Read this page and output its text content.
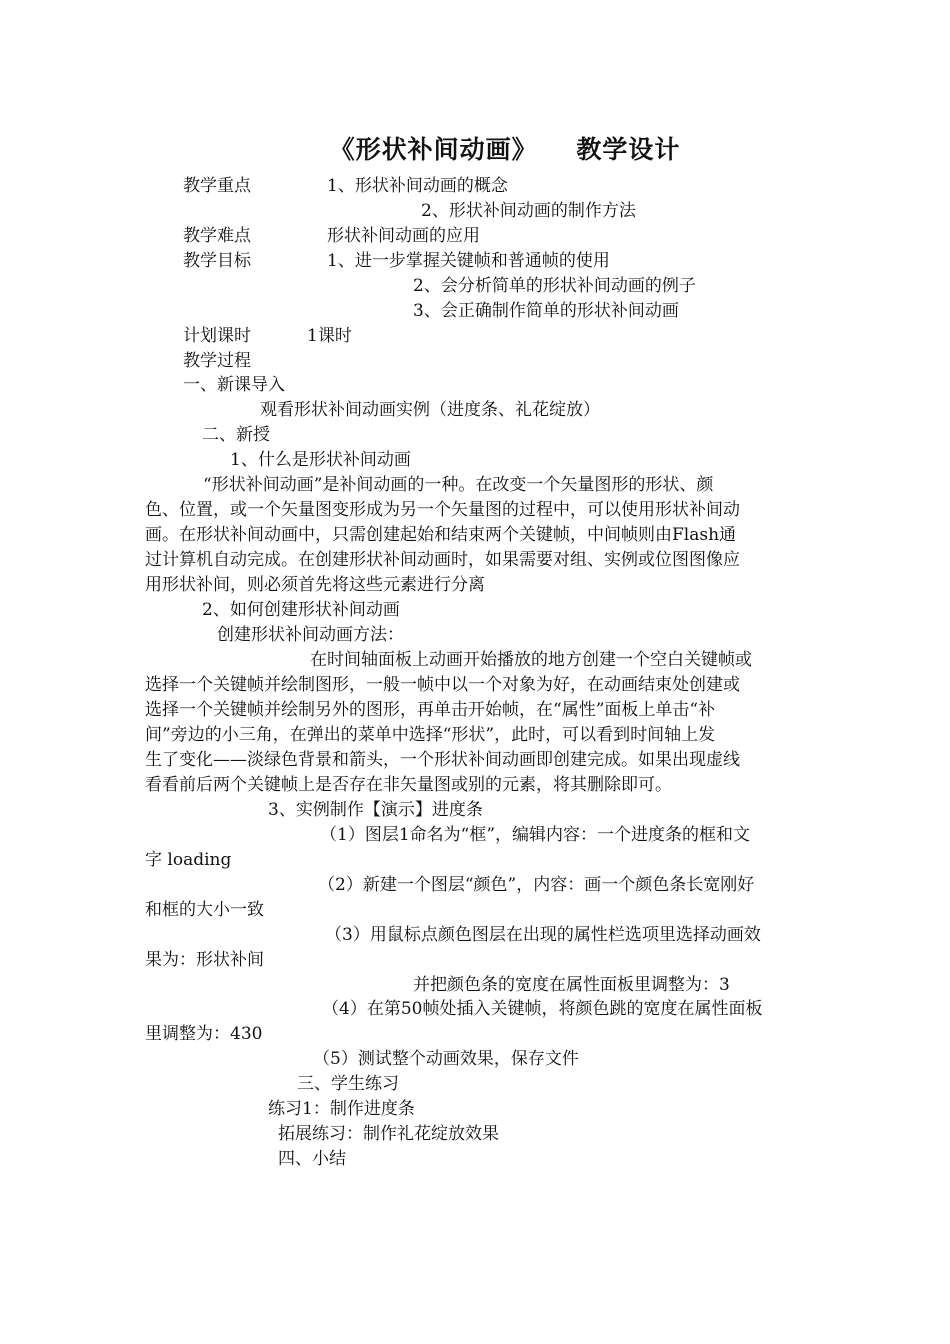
《形状补间动画》    教学设计
教学重点	1、形状补间动画的概念
2、形状补间动画的制作方法
教学难点	形状补间动画的应用
教学目标	1、进一步掌握关键帧和普通帧的使用
2、会分析简单的形状补间动画的例子
3、会正确制作简单的形状补间动画
计划课时	1课时
教学过程
一、新课导入
观看形状补间动画实例（进度条、礼花绽放）
二、新授
1、什么是形状补间动画
“形状补间动画”是补间动画的一种。在改变一个矢量图形的形状、颜
色、位置，或一个矢量图变形成为另一个矢量图的过程中，可以使用形状补间动
画。在形状补间动画中，只需创建起始和结束两个关键帧，中间帧则由Flash通
过计算机自动完成。在创建形状补间动画时，如果需要对组、实例或位图图像应
用形状补间，则必须首先将这些元素进行分离
2、如何创建形状补间动画
创建形状补间动画方法：
在时间轴面板上动画开始播放的地方创建一个空白关键帧或
选择一个关键帧并绘制图形，一般一帧中以一个对象为好，在动画结束处创建或
选择一个关键帧并绘制另外的图形，再单击开始帧，在“属性”面板上单击“补
间”旁边的小三角，在弹出的菜单中选择“形状”，此时，可以看到时间轴上发
生了变化——淡绿色背景和箭头，一个形状补间动画即创建完成。如果出现虚线
看看前后两个关键帧上是否存在非矢量图或别的元素，将其删除即可。
3、实例制作【演示】进度条
（1）图层1命名为“框”，编辑内容：一个进度条的框和文
字 loading
（2）新建一个图层“颜色”，内容：画一个颜色条长宽刚好
和框的大小一致
（3）用鼠标点颜色图层在出现的属性栏选项里选择动画效
果为：形状补间
并把颜色条的宽度在属性面板里调整为：3
（4）在第50帧处插入关键帧，将颜色跳的宽度在属性面板
里调整为：430
（5）测试整个动画效果，保存文件
三、学生练习
练习1：制作进度条
拓展练习：制作礼花绽放效果
四、小结
